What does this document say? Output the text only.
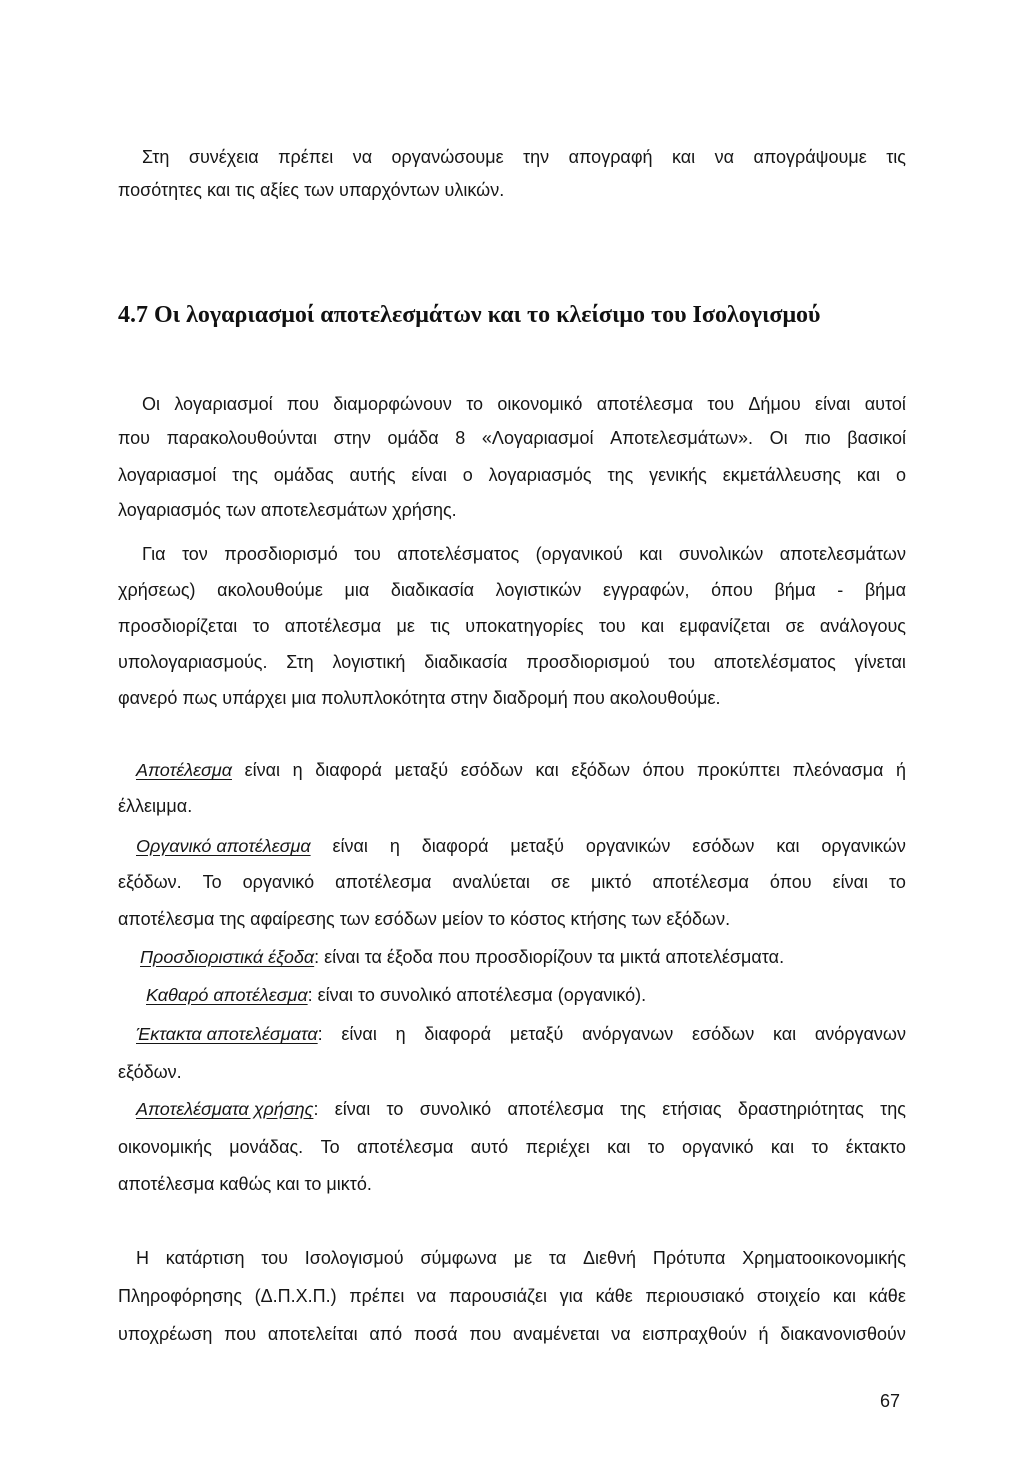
Στη συνέχεια πρέπει να οργανώσουμε την απογραφή και να απογράψουμε τις

ποσότητες και τις αξίες των υπαρχόντων υλικών.

4.7 Οι λογαριασμοί αποτελεσμάτων και το κλείσιμο του Ισολογισμού

Οι λογαριασμοί που διαμορφώνουν το οικονομικό αποτέλεσμα του Δήμου είναι αυτοί

που παρακολουθούνται στην ομάδα 8 «Λογαριασμοί Αποτελεσμάτων». Οι πιο βασικοί

λογαριασμοί της ομάδας αυτής είναι ο λογαριασμός της γενικής εκμετάλλευσης και ο

λογαριασμός των αποτελεσμάτων χρήσης.

Για τον προσδιορισμό του αποτελέσματος (οργανικού και συνολικών αποτελεσμάτων

χρήσεως) ακολουθούμε μια διαδικασία λογιστικών εγγραφών, όπου βήμα - βήμα

προσδιορίζεται το αποτέλεσμα με τις υποκατηγορίες του και εμφανίζεται σε ανάλογους

υπολογαριασμούς. Στη λογιστική διαδικασία προσδιορισμού του αποτελέσματος γίνεται

φανερό πως υπάρχει μια πολυπλοκότητα στην διαδρομή που ακολουθούμε.

Αποτέλεσμα είναι η διαφορά μεταξύ εσόδων και εξόδων όπου προκύπτει πλεόνασμα ή

έλλειμμα.

Οργανικό αποτέλεσμα είναι η διαφορά μεταξύ οργανικών εσόδων και οργανικών

εξόδων. Το οργανικό αποτέλεσμα αναλύεται σε μικτό αποτέλεσμα όπου είναι το

αποτέλεσμα της αφαίρεσης των εσόδων μείον το κόστος κτήσης των εξόδων.

Προσδιοριστικά έξοδα: είναι τα έξοδα που προσδιορίζουν τα μικτά αποτελέσματα.

Καθαρό αποτέλεσμα: είναι το συνολικό αποτέλεσμα (οργανικό).

Έκτακτα αποτελέσματα: είναι η διαφορά μεταξύ ανόργανων εσόδων και ανόργανων

εξόδων.

Αποτελέσματα χρήσης: είναι το συνολικό αποτέλεσμα της ετήσιας δραστηριότητας της

οικονομικής μονάδας. Το αποτέλεσμα αυτό περιέχει και το οργανικό και το έκτακτο

αποτέλεσμα καθώς και το μικτό.

Η κατάρτιση του Ισολογισμού σύμφωνα με τα Διεθνή Πρότυπα Χρηματοοικονομικής

Πληροφόρησης (Δ.Π.Χ.Π.) πρέπει να παρουσιάζει για κάθε περιουσιακό στοιχείο και κάθε

υποχρέωση που αποτελείται από ποσά που αναμένεται να εισπραχθούν ή διακανονισθούν

67
